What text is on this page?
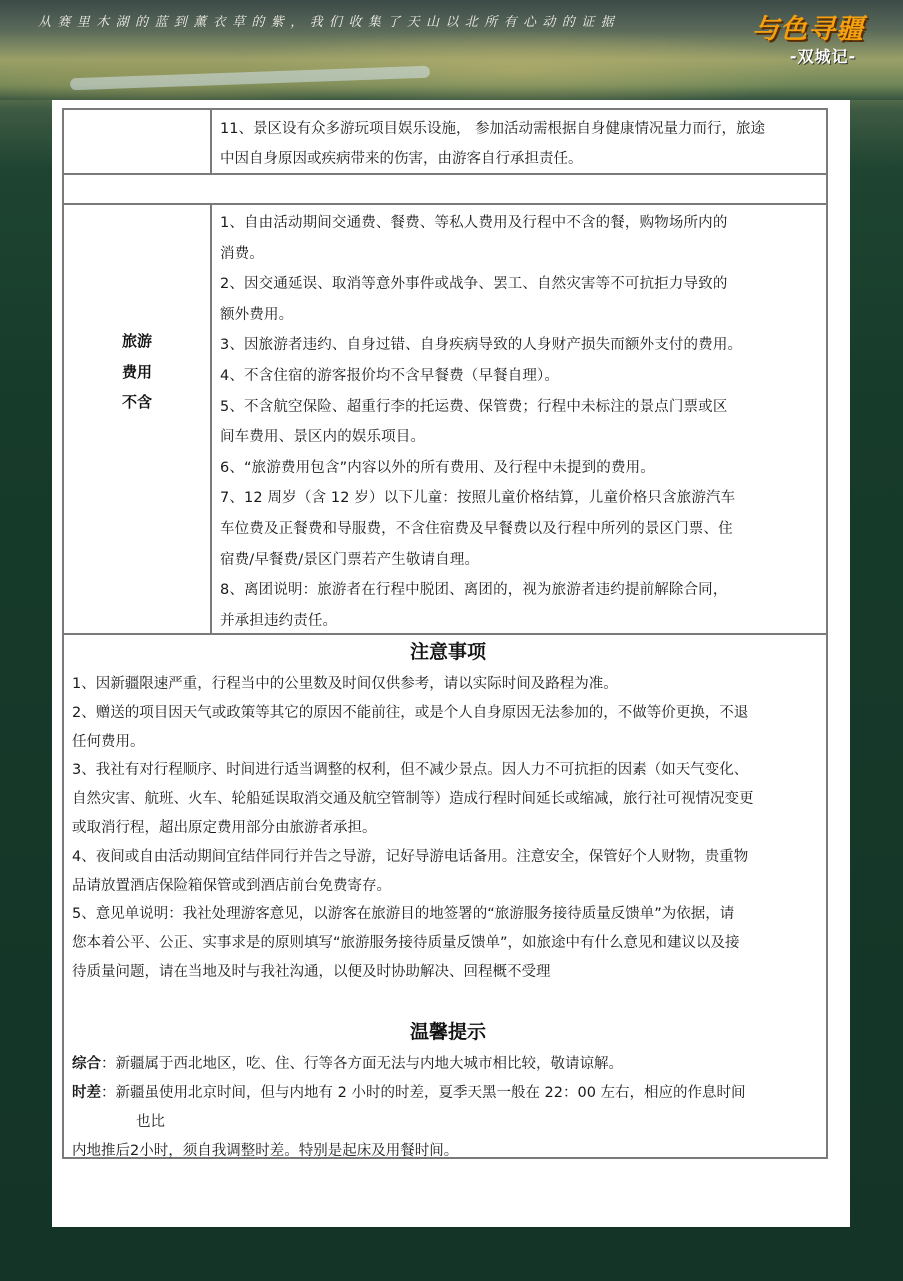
从赛里木湖的蓝到薰衣草的紫，我们收集了天山以北所有心动的证据	与色寻疆
-双城记-
11、景区设有众多游玩项目娱乐设施， 参加活动需根据自身健康情况量力而行，旅途
中因自身原因或疾病带来的伤害，由游客自行承担责任。
旅游
费用
不含

1、自由活动期间交通费、餐费、等私人费用及行程中不含的餐，购物场所内的

消费。

2、因交通延误、取消等意外事件或战争、罢工、自然灾害等不可抗拒力导致的

额外费用。

3、因旅游者违约、自身过错、自身疾病导致的人身财产损失而额外支付的费用。

4、不含住宿的游客报价均不含早餐费（早餐自理）。

5、不含航空保险、超重行李的托运费、保管费；行程中未标注的景点门票或区

间车费用、景区内的娱乐项目。

6、“旅游费用包含”内容以外的所有费用、及行程中未提到的费用。

7、12 周岁（含 12 岁）以下儿童：按照儿童价格结算，儿童价格只含旅游汽车

车位费及正餐费和导服费，不含住宿费及早餐费以及行程中所列的景区门票、住

宿费/早餐费/景区门票若产生敬请自理。

8、离团说明：旅游者在行程中脱团、离团的，视为旅游者违约提前解除合同，

并承担违约责任。

注意事项

1、因新疆限速严重，行程当中的公里数及时间仅供参考，请以实际时间及路程为准。

2、赠送的项目因天气或政策等其它的原因不能前往，或是个人自身原因无法参加的，不做等价更换，不退

任何费用。

3、我社有对行程顺序、时间进行适当调整的权利，但不减少景点。因人力不可抗拒的因素（如天气变化、

自然灾害、航班、火车、轮船延误取消交通及航空管制等）造成行程时间延长或缩减，旅行社可视情况变更

或取消行程，超出原定费用部分由旅游者承担。

4、夜间或自由活动期间宜结伴同行并告之导游，记好导游电话备用。注意安全，保管好个人财物，贵重物

品请放置酒店保险箱保管或到酒店前台免费寄存。

5、意见单说明：我社处理游客意见，以游客在旅游目的地签署的“旅游服务接待质量反馈单”为依据，请

您本着公平、公正、实事求是的原则填写“旅游服务接待质量反馈单”，如旅途中有什么意见和建议以及接

待质量问题，请在当地及时与我社沟通，以便及时协助解决、回程概不受理

温馨提示

综合：新疆属于西北地区，吃、住、行等各方面无法与内地大城市相比较，敬请谅解。

时差：新疆虽使用北京时间，但与内地有 2 小时的时差，夏季天黑一般在 22：00 左右，相应的作息时间

也比

内地推后2小时，须自我调整时差。特别是起床及用餐时间。
